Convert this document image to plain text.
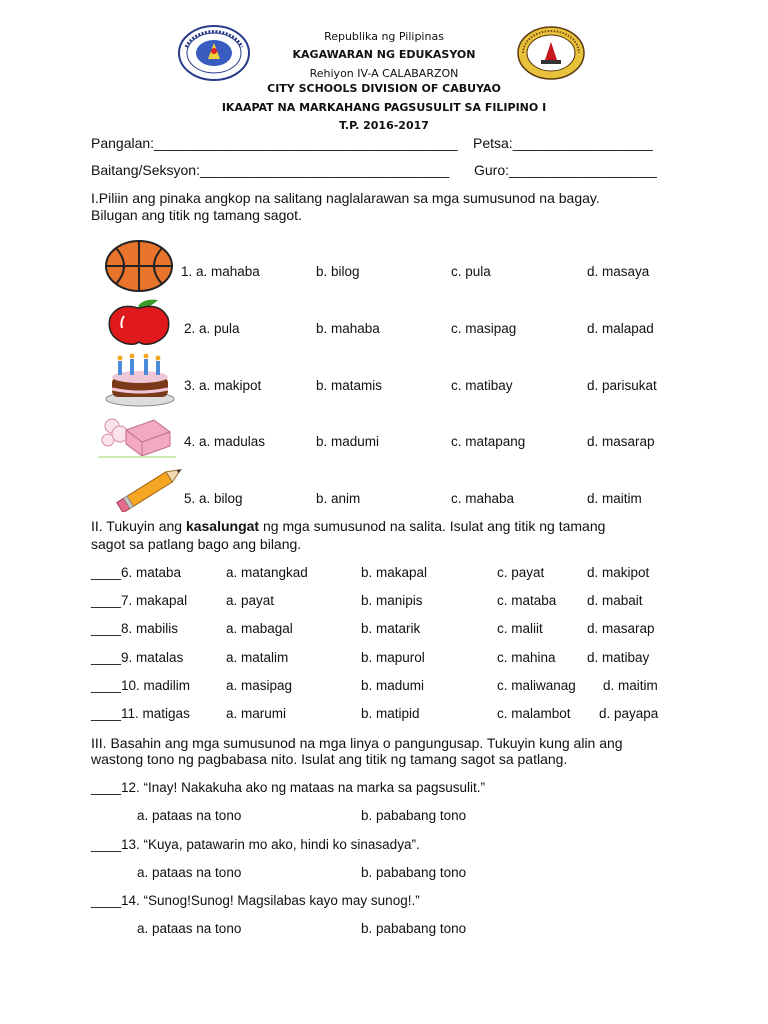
Republika ng Pilipinas
KAGAWARAN NG EDUKASYON
Rehiyon IV-A CALABARZON
CITY SCHOOLS DIVISION OF CABUYAO
IKAAPAT NA MARKAHANG PAGSUSULIT SA FILIPINO I
T.P. 2016-2017
Pangalan:_______________________________________ Petsa:__________________
Baitang/Seksyon:________________________________ Guro:___________________
I.Piliin ang pinaka angkop na salitang naglalarawan sa mga sumusunod na bagay.
Bilugan ang titik ng tamang sagot.
1. a. mahaba	b. bilog	c. pula	d. masaya
2. a. pula	b. mahaba	c. masipag	d. malapad
3. a. makipot	b. matamis	c. matibay	d. parisukat
4. a. madulas	b. madumi	c. matapang	d. masarap
5. a. bilog	b. anim	c. mahaba	d. maitim
II. Tukuyin ang kasalungat ng mga sumusunod na salita. Isulat ang titik ng tamang
sagot sa patlang bago ang bilang.
____6. mataba	a. matangkad	b. makapal	c. payat	d. makipot
____7. makapal	a. payat	b. manipis	c. mataba d. mabait
____8. mabilis	a. mabagal	b. matarik	c. maliit	d. masarap
____9. matalas	a. matalim	b. mapurol	c. mahina d. matibay
____10. madilim	a. masipag	b. madumi	c. maliwanag d. maitim
____11. matigas	a. marumi	b. matipid	c. malambot d. payapa
III. Basahin ang mga sumusunod na mga linya o pangungusap. Tukuyin kung alin ang
wastong tono ng pagbabasa nito. Isulat ang titik ng tamang sagot sa patlang.
____12. “Inay! Nakakuha ako ng mataas na marka sa pagsusulit.”
a. pataas na tono	b. pababang tono
____13. “Kuya, patawarin mo ako, hindi ko sinasadya”.
a. pataas na tono	b. pababang tono
____14. “Sunog!Sunog! Magsilabas kayo may sunog!.”
a. pataas na tono	b. pababang tono
